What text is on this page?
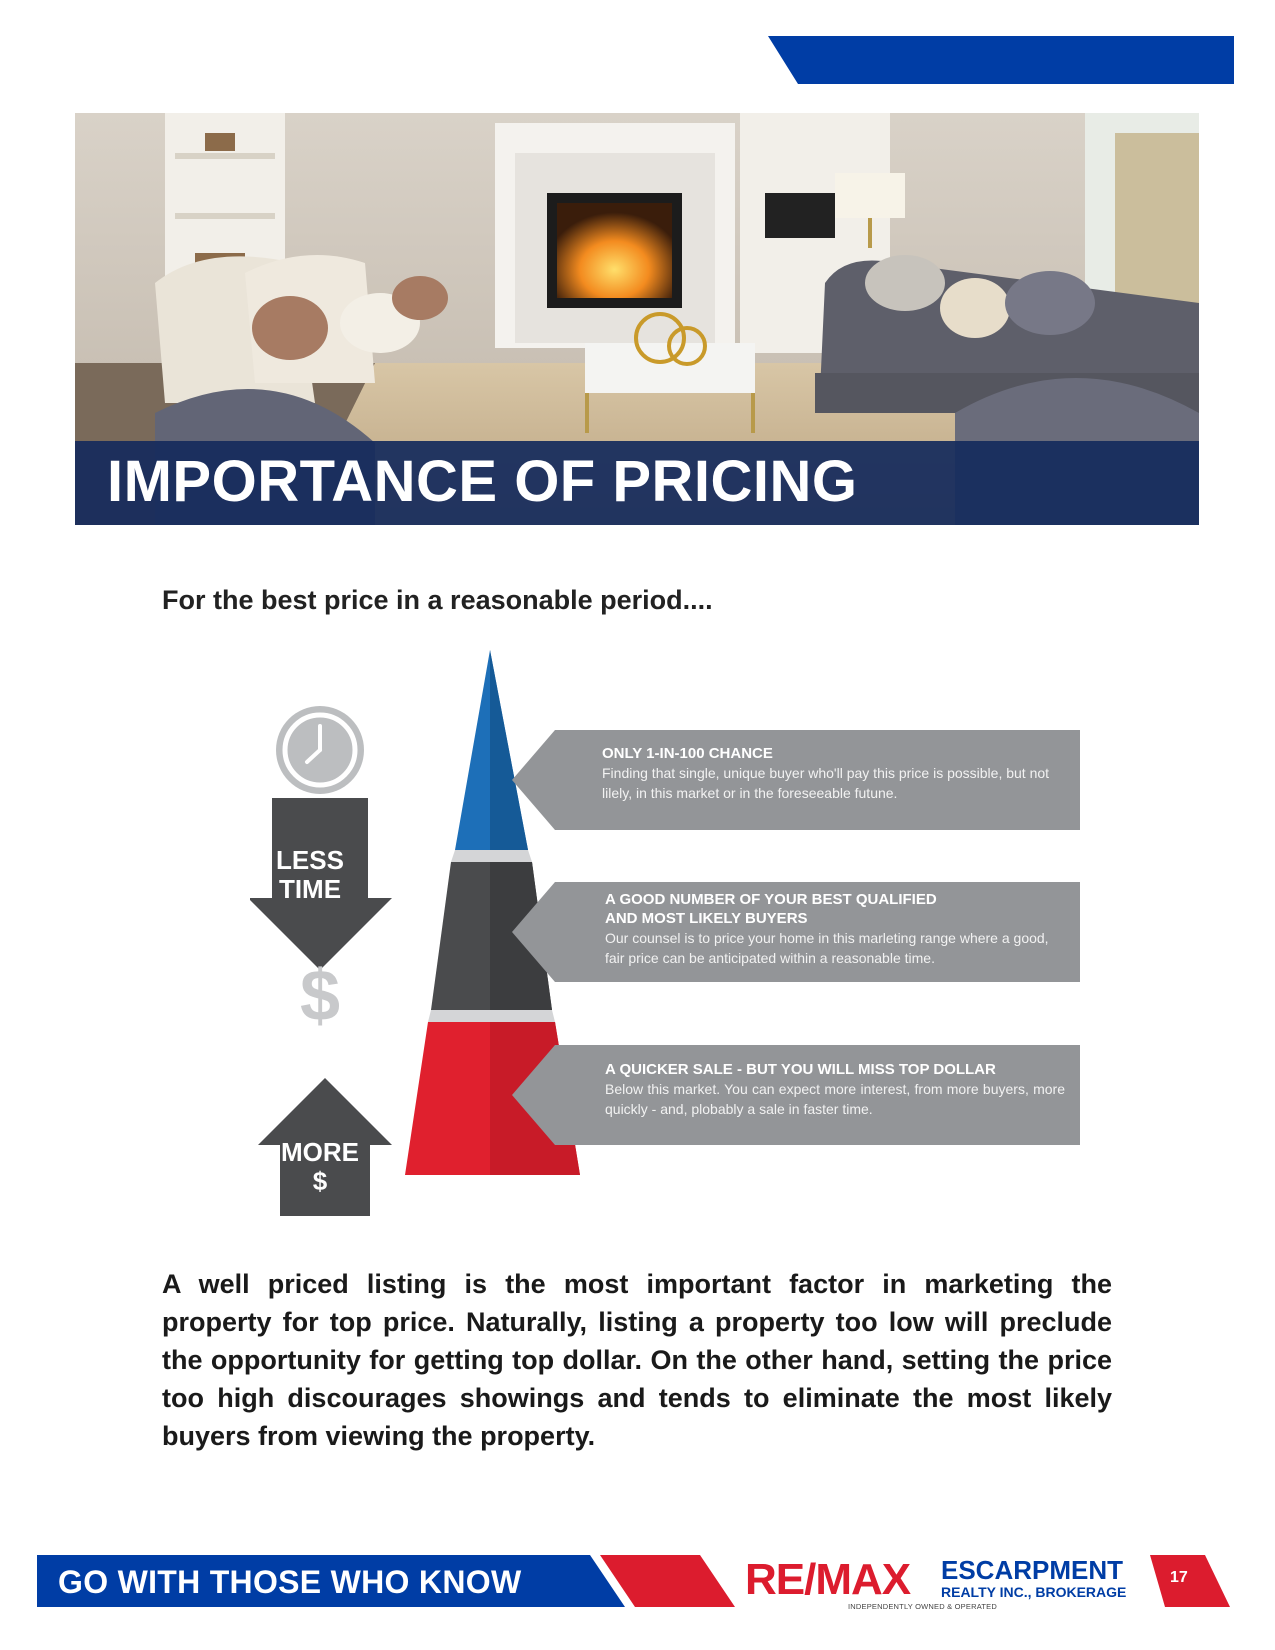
IMPORTANCE OF PRICING
For the best price in a reasonable period....
$
LESS
TIME
MORE
$
ONLY 1-IN-100 CHANCE
Finding that single, unique buyer who'll pay this price is possible, but not lilely, in this market or in the foreseeable futune.
A GOOD NUMBER OF YOUR BEST QUALIFIED
AND MOST LIKELY BUYERS
Our counsel is to price your home in this marleting range where a good, fair price can be anticipated within a reasonable time.
A QUICKER SALE - BUT YOU WILL MISS TOP DOLLAR
Below this market. You can expect more interest, from more buyers, more quickly - and, plobably a sale in faster time.
A well priced listing is the most important factor in marketing the property for top price. Naturally, listing a property too low will preclude the opportunity for getting top dollar. On the other hand, setting the price too high discourages showings and tends to eliminate the most likely buyers from viewing the property.
GO WITH THOSE WHO KNOW	RE/MAX ESCARPMENT
REALTY INC., BROKERAGE
INDEPENDENTLY OWNED & OPERATED
17
